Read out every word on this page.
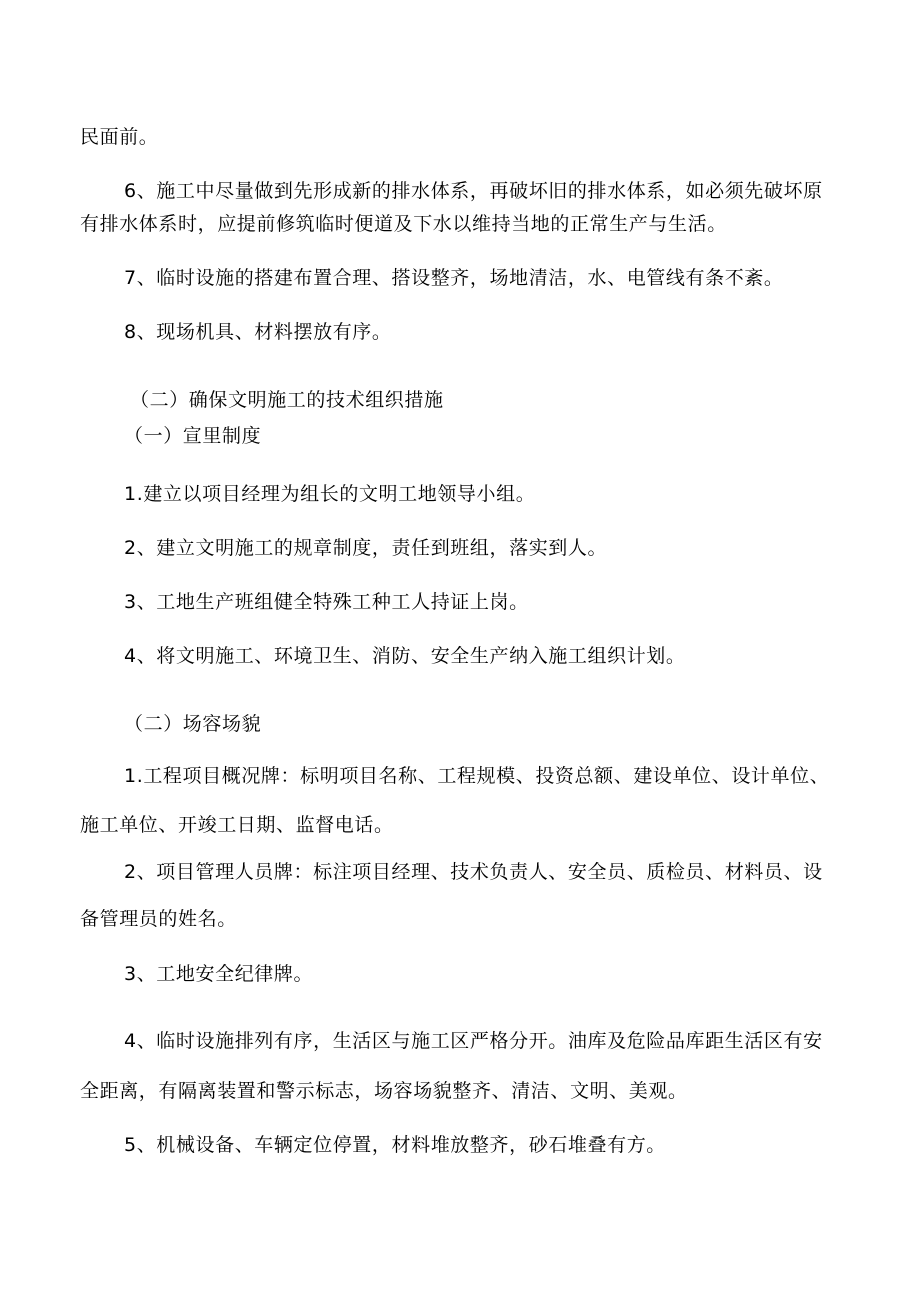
民面前。
6、施工中尽量做到先形成新的排水体系，再破坏旧的排水体系，如必须先破坏原
有排水体系时，应提前修筑临时便道及下水以维持当地的正常生产与生活。
7、临时设施的搭建布置合理、搭设整齐，场地清洁，水、电管线有条不紊。
8、现场机具、材料摆放有序。
（二）确保文明施工的技术组织措施
（一）宣里制度
1.建立以项目经理为组长的文明工地领导小组。
2、建立文明施工的规章制度，责任到班组，落实到人。
3、工地生产班组健全特殊工种工人持证上岗。
4、将文明施工、环境卫生、消防、安全生产纳入施工组织计划。
（二）场容场貌
1.工程项目概况牌：标明项目名称、工程规模、投资总额、建设单位、设计单位、
施工单位、开竣工日期、监督电话。
2、项目管理人员牌：标注项目经理、技术负责人、安全员、质检员、材料员、设
备管理员的姓名。
3、工地安全纪律牌。
4、临时设施排列有序，生活区与施工区严格分开。油库及危险品库距生活区有安
全距离，有隔离装置和警示标志，场容场貌整齐、清洁、文明、美观。
5、机械设备、车辆定位停置，材料堆放整齐，砂石堆叠有方。
